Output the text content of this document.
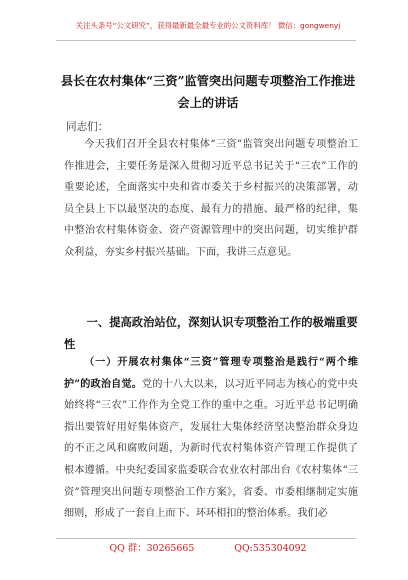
关注头条号“公文研究”，获得最新最全最专业的公文资料库！ 微信：gongwenyj
县长在农村集体“三资”监管突出问题专项整治工作推进
会上的讲话
同志们：

今天我们召开全县农村集体“三资”监管突出问题专项整治工作推进会，主要任务是深入贯彻习近平总书记关于“三农”工作的重要论述，全面落实中央和省市委关于乡村振兴的决策部署，动员全县上下以最坚决的态度、最有力的措施、最严格的纪律，集中整治农村集体资金、资产资源管理中的突出问题，切实维护群众利益，夯实乡村振兴基础。下面，我讲三点意见。

一、提高政治站位，深刻认识专项整治工作的极端重要性

（一）开展农村集体“三资”管理专项整治是践行“两个维护”的政治自觉。党的十八大以来，以习近平同志为核心的党中央始终将“三农”工作作为全党工作的重中之重。习近平总书记明确指出要管好用好集体资产，发展壮大集体经济坚决整治群众身边的不正之风和腐败问题，为新时代农村集体资产管理工作提供了根本遵循。中央纪委国家监委联合农业农村部出台《农村集体“三资”管理突出问题专项整治工作方案》，省委、市委相继制定实施细则，形成了一套自上而下、环环相扣的整治体系。我们必

QQ 群：30265665	QQ:535304092
